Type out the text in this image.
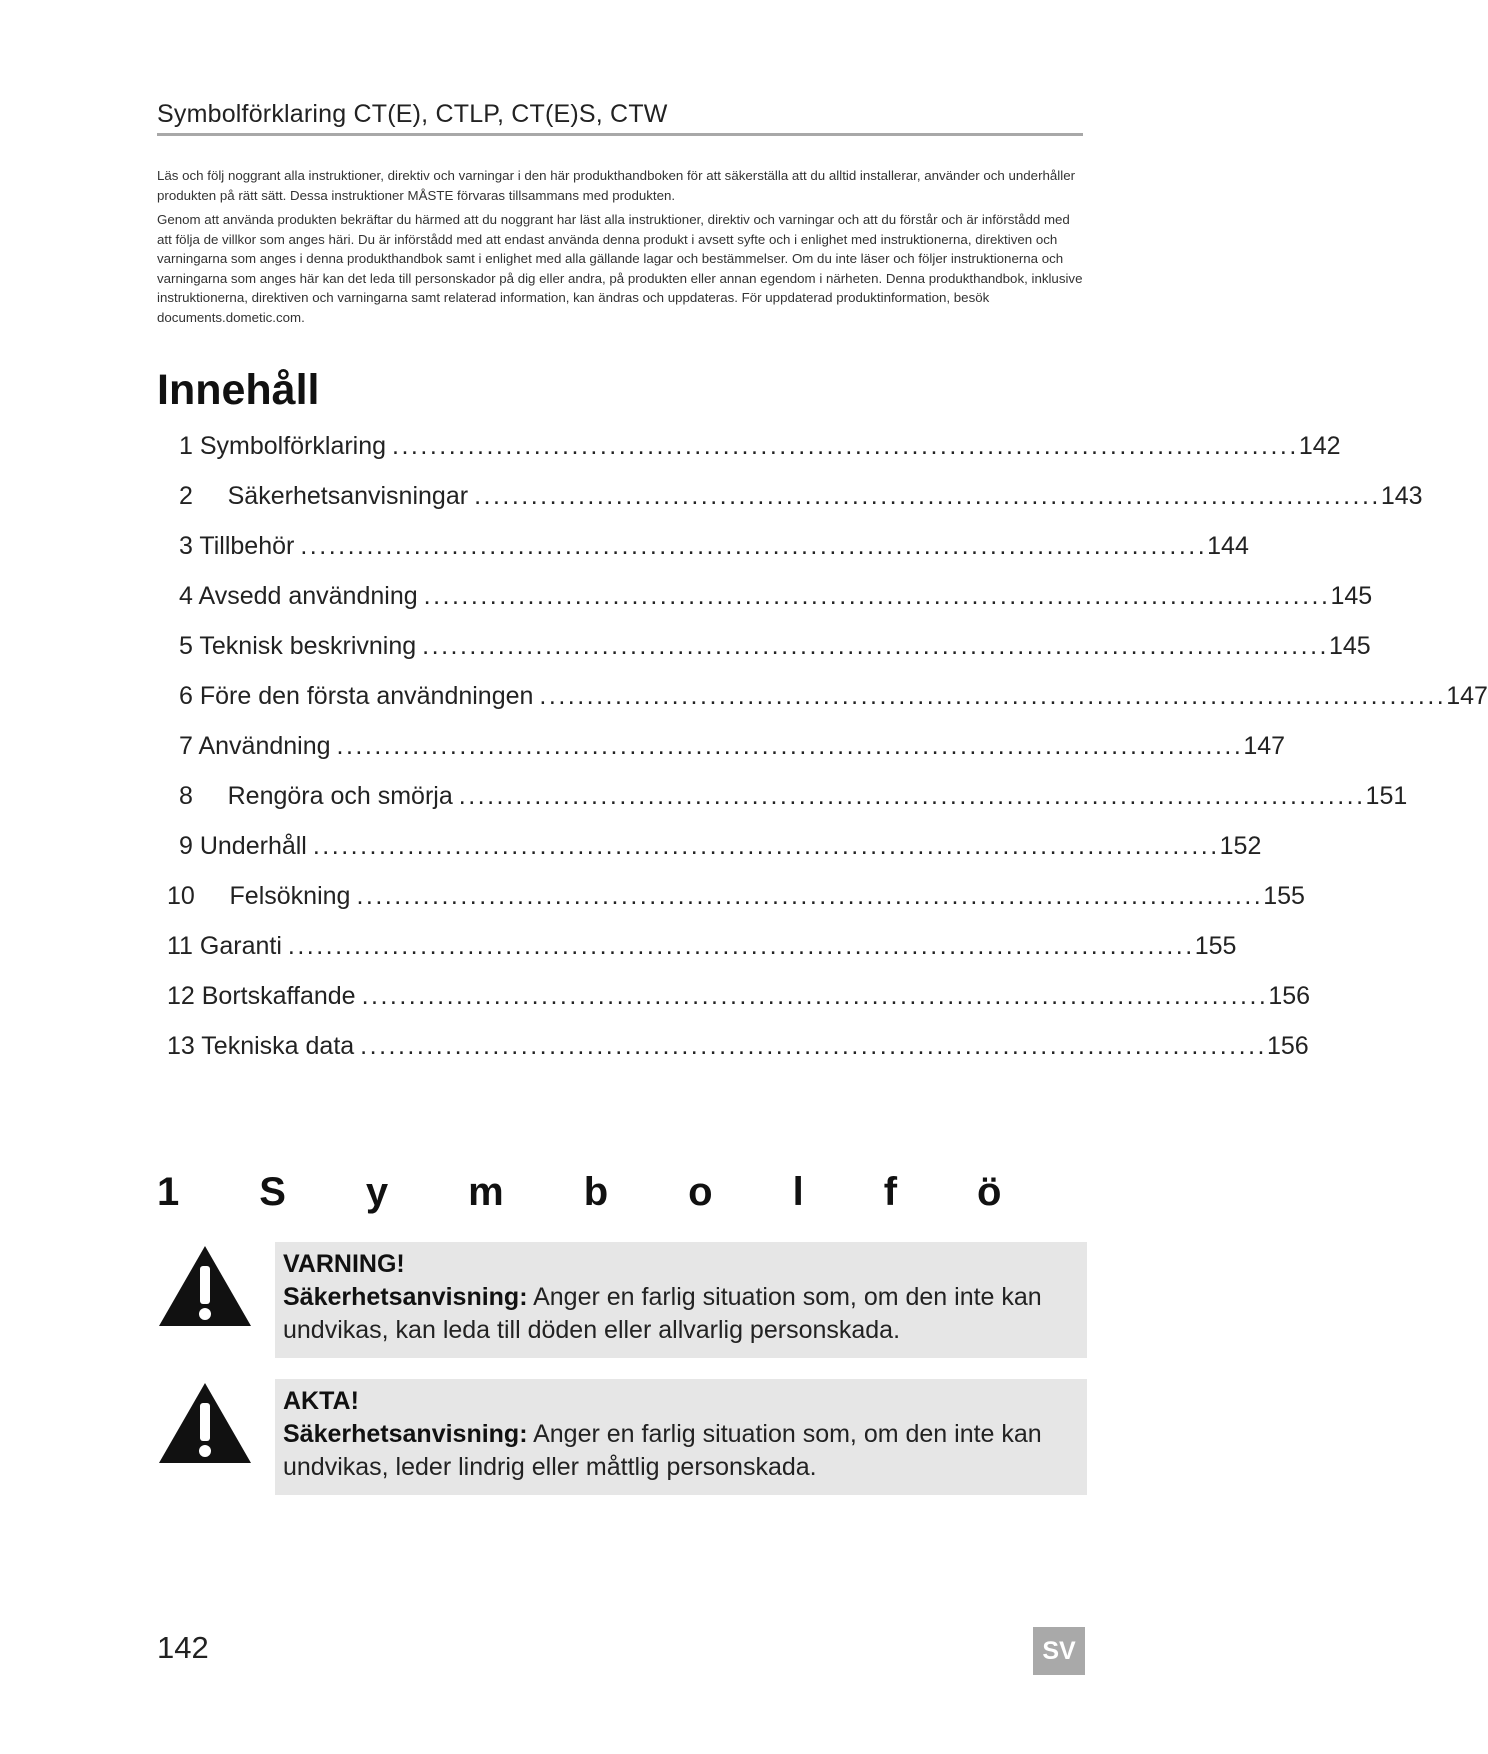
Symbolförklaring CT(E), CTLP, CT(E)S, CTW

Läs och följ noggrant alla instruktioner, direktiv och varningar i den här produkthandboken för att säkerställa att du alltid installerar, använder och underhåller produkten på rätt sätt. Dessa instruktioner MÅSTE förvaras tillsammans med produkten.

Genom att använda produkten bekräftar du härmed att du noggrant har läst alla instruktioner, direktiv och varningar och att du förstår och är införstådd med att följa de villkor som anges häri. Du är införstådd med att endast använda denna produkt i avsett syfte och i enlighet med instruktionerna, direktiven och varningarna som anges i denna produkthandbok samt i enlighet med alla gällande lagar och bestämmelser. Om du inte läser och följer instruktionerna och varningarna som anges här kan det leda till personskador på dig eller andra, på produkten eller annan egendom i närheten. Denna produkthandbok, inklusive instruktionerna, direktiven och varningarna samt relaterad information, kan ändras och uppdateras. För uppdaterad produktinformation, besök documents.dometic.com.

Innehåll
1 Symbolförklaring ................................................................................................ 142
2     Säkerhetsanvisningar ................................................................................................ 143
3 Tillbehör ................................................................................................ 144
4 Avsedd användning ................................................................................................ 145
5 Teknisk beskrivning ................................................................................................ 145
6 Före den första användningen ................................................................................................ 147
7 Användning ................................................................................................ 147
8     Rengöra och smörja ................................................................................................ 151
9 Underhåll ................................................................................................ 152
10     Felsökning ................................................................................................ 155
11 Garanti ................................................................................................ 155
12 Bortskaffande ................................................................................................ 156
13 Tekniska data ................................................................................................ 156
1Symbolfö
VARNING!
Säkerhetsanvisning: Anger en farlig situation som, om den inte kan undvikas, kan leda till döden eller allvarlig personskada.
AKTA!
Säkerhetsanvisning: Anger en farlig situation som, om den inte kan undvikas, leder lindrig eller måttlig personskada.
142	SV
